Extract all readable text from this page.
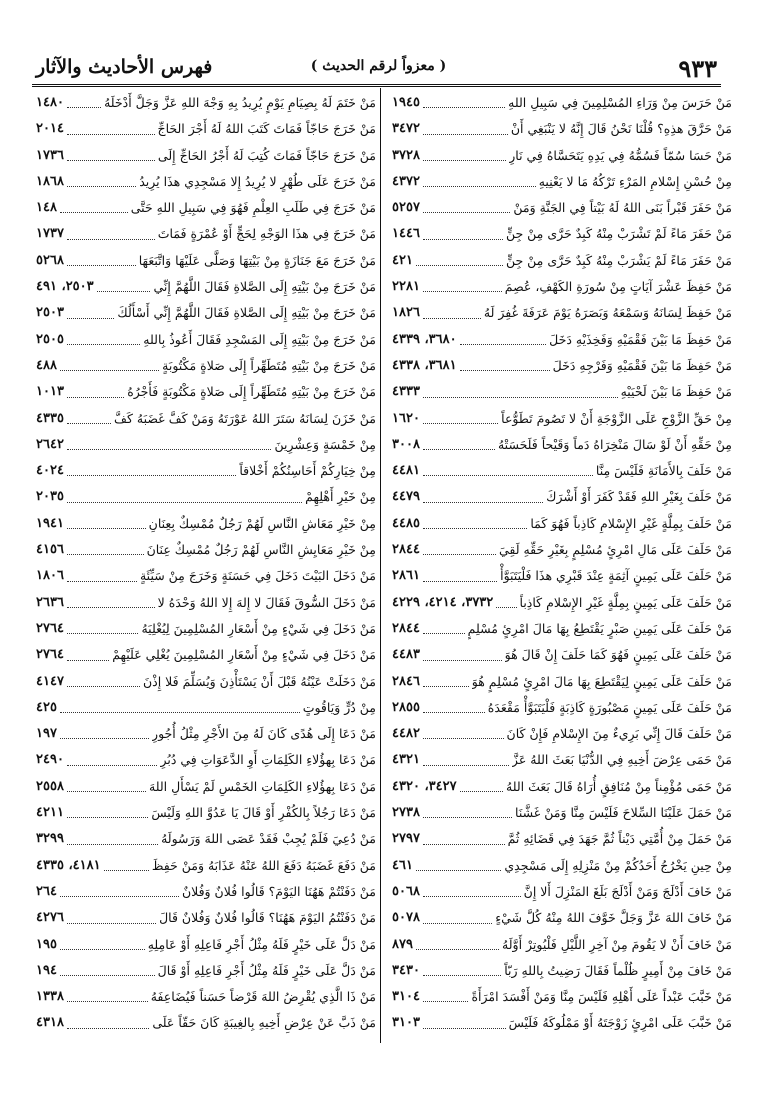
٩٣٣
( معزواً لرقم الحديث )
فهرس الأحاديث والآثار
مَنْ حَرَسَ مِنْ وَرَاءِ المُسْلِمِينَ فِي سَبِيلِ اللهِ
١٩٤٥
مَنْ حَرَّقَ هذِهِ؟ قُلْنَا نَحْنُ قَالَ إِنَّهُ لا يَنْبَغِي أَنْ
٣٤٧٢
مَنْ حَسَا سُمّاً فَسُمُّهُ فِي يَدِهِ يَتَحَسَّاهُ فِي نَارِ
٣٧٢٨
مِنْ حُسْنِ إِسْلامِ المَرْءِ تَرْكُهُ مَا لا يَعْنِيهِ
٤٣٧٢
مَنْ حَفَرَ قَبْراً بَنَى اللهُ لَهُ بَيْتاً فِي الجَنَّةِ وَمَنْ
٥٢٥٧
مَنْ حَفَرَ مَاءً لَمْ تَشْرَبْ مِنْهُ كَبِدٌ حَرَّى مِنْ جِنٍّ
١٤٤٦
مَنْ حَفَرَ مَاءً لَمْ يَشْرَبْ مِنْهُ كَبِدٌ حَرَّى مِنْ جِنٍّ
٤٢١
مَنْ حَفِظَ عَشْرَ آيَاتٍ مِنْ سُورَةِ الكَهْفِ، عُصِمَ
٢٢٨١
مَنْ حَفِظَ لِسَانَهُ وَسَمْعَهُ وَبَصَرَهُ يَوْمَ عَرَفَةَ غُفِرَ لَهُ
١٨٢٦
مَنْ حَفِظَ مَا بَيْنَ فَقْمَيْهِ وَفَخِذَيْهِ دَخَلَ
٣٦٨٠، ٤٣٣٩
مَنْ حَفِظَ مَا بَيْنَ فَقْمَيْهِ وَفَرْجِهِ دَخَلَ
٣٦٨١، ٤٣٣٨
مَنْ حَفِظَ مَا بَيْنَ لَحْيَيْهِ
٤٣٣٣
مِنْ حَقِّ الزَّوْجِ عَلَى الزَّوْجَةِ أَنْ لا تَصُومَ تَطَوُّعاً
١٦٢٠
مِنْ حَقِّهِ أَنْ لَوْ سَالَ مَنْخِرَاهُ دَماً وَقَيْحاً فَلَحَسَتْهُ
٣٠٠٨
مَنْ حَلَفَ بِالأَمَانَةِ فَلَيْسَ مِنَّا
٤٤٨١
مَنْ حَلَفَ بِغَيْرِ اللهِ فَقَدْ كَفَرَ أَوْ أَشْرَكَ
٤٤٧٩
مَنْ حَلَفَ بِمِلَّةٍ غَيْرِ الإِسْلامِ كَاذِباً فَهُوَ كَمَا
٤٤٨٥
مَنْ حَلَفَ عَلَى مَالِ امْرِئٍ مُسْلِمٍ بِغَيْرِ حَقِّهِ لَقِيَ
٢٨٤٤
مَنْ حَلَفَ عَلَى يَمِينٍ آثِمَةٍ عِنْدَ قَبْرِي هذَا فَلْيَتَبَوَّأْ
٢٨٦١
مَنْ حَلَفَ عَلَى يَمِينٍ بِمِلَّةٍ غَيْرِ الإِسْلامِ كَاذِباً
٣٧٣٢، ٤٢١٤، ٤٢٢٩
مَنْ حَلَفَ عَلَى يَمِينِ صَبْرٍ يَقْتَطِعُ بِهَا مَالَ امْرِئٍ مُسْلِمٍ
٢٨٤٤
مَنْ حَلَفَ عَلَى يَمِينٍ فَهُوَ كَمَا حَلَفَ إِنْ قَالَ هُوَ
٤٤٨٣
مَنْ حَلَفَ عَلَى يَمِينٍ لِيَقْتَطِعَ بِهَا مَالَ امْرِئٍ مُسْلِمٍ هُوَ
٢٨٤٦
مَنْ حَلَفَ عَلَى يَمِينٍ مَصْبُورَةٍ كَاذِبَةٍ فَلْيَتَبَوَّأْ مَقْعَدَهُ
٢٨٥٥
مَنْ حَلَفَ قَالَ إِنِّي بَرِيءٌ مِنَ الإِسْلامِ فَإِنْ كَانَ
٤٤٨٢
مَنْ حَمَى عِرْضَ أَخِيهِ فِي الدُّنْيَا بَعَثَ اللهُ عَزَّ
٤٣٢١
مَنْ حَمَى مُؤْمِناً مِنْ مُنَافِقٍ أُرَاهُ قَالَ بَعَثَ اللهُ
٣٤٢٧، ٤٣٢٠
مَنْ حَمَلَ عَلَيْنَا السِّلاحَ فَلَيْسَ مِنَّا وَمَنْ غَشَّنَا
٢٧٣٨
مَنْ حَمَلَ مِنْ أُمَّتِي دَيْناً ثُمَّ جَهَدَ فِي قَضَائِهِ ثُمَّ
٢٧٩٧
مِنْ حِينِ يَخْرُجُ أَحَدُكُمْ مِنْ مَنْزِلِهِ إِلَى مَسْجِدِي
٤٦١
مَنْ خَافَ أَدْلَجَ وَمَنْ أَدْلَجَ بَلَغَ المَنْزِلَ أَلا إِنَّ
٥٠٦٨
مَنْ خَافَ اللهَ عَزَّ وَجَلَّ خَوَّفَ اللهُ مِنْهُ كُلَّ شَيْءٍ
٥٠٧٨
مَنْ خَافَ أَنْ لا يَقُومَ مِنْ آخِرِ اللَّيْلِ فَلْيُوتِرْ أَوَّلَهُ
٨٧٩
مَنْ خَافَ مِنْ أَمِيرٍ ظُلْماً فَقَالَ رَضِيتُ بِاللهِ رَبّاً
٣٤٣٠
مَنْ خَبَّبَ عَبْداً عَلَى أَهْلِهِ فَلَيْسَ مِنَّا وَمَنْ أَفْسَدَ امْرَأَةً
٣١٠٤
مَنْ خَبَّبَ عَلَى امْرِئٍ زَوْجَتَهُ أَوْ مَمْلُوكَهُ فَلَيْسَ
٣١٠٣
مَنْ خَتَمَ لَهُ بِصِيَامِ يَوْمٍ يُرِيدُ بِهِ وَجْهَ اللهِ عَزَّ وَجَلَّ أَدْخَلَهُ
١٤٨٠
مَنْ خَرَجَ حَاجّاً فَمَاتَ كَتَبَ اللهُ لَهُ أَجْرَ الحَاجِّ
٢٠١٤
مَنْ خَرَجَ حَاجّاً فَمَاتَ كُتِبَ لَهُ أَجْرُ الحَاجِّ إِلَى
١٧٣٦
مَنْ خَرَجَ عَلَى طُهْرٍ لا يُرِيدُ إِلا مَسْجِدِي هذَا يُرِيدُ
١٨٦٨
مَنْ خَرَجَ فِي طَلَبِ العِلْمِ فَهُوَ فِي سَبِيلِ اللهِ حَتَّى
١٤٨
مَنْ خَرَجَ فِي هذَا الوَجْهِ لِحَجٍّ أَوْ عُمْرَةٍ فَمَاتَ
١٧٣٧
مَنْ خَرَجَ مَعَ جَنَازَةٍ مِنْ بَيْتِهَا وَصَلَّى عَلَيْهَا وَاتَّبَعَهَا
٥٢٦٨
مَنْ خَرَجَ مِنْ بَيْتِهِ إِلَى الصَّلاةِ فَقَالَ اللَّهُمَّ إِنِّي
٢٥٠٣، ٤٩١
مَنْ خَرَجَ مِنْ بَيْتِهِ إِلَى الصَّلاةِ فَقَالَ اللَّهُمَّ إِنِّي أَسْأَلُكَ
٢٥٠٣
مَنْ خَرَجَ مِنْ بَيْتِهِ إِلَى المَسْجِدِ فَقَالَ أَعُوذُ بِاللهِ
٢٥٠٥
مَنْ خَرَجَ مِنْ بَيْتِهِ مُتَطَهِّراً إِلَى صَلاةٍ مَكْتُوبَةٍ
٤٨٨
مَنْ خَرَجَ مِنْ بَيْتِهِ مُتَطَهِّراً إِلَى صَلاةٍ مَكْتُوبَةٍ فَأَجْرُهُ
١٠١٣
مَنْ خَزَنَ لِسَانَهُ سَتَرَ اللهُ عَوْرَتَهُ وَمَنْ كَفَّ غَضَبَهُ كَفَّ
٤٣٣٥
مِنْ خَمْسَةٍ وَعِشْرِينَ
٢٦٤٢
مِنْ خِيَارِكُمْ أَحَاسِنُكُمْ أَخْلاقاً
٤٠٢٤
مِنْ خَيْرِ أَهْلِهِمْ
٢٠٣٥
مِنْ خَيْرِ مَعَاشِ النَّاسِ لَهُمْ رَجُلٌ مُمْسِكٌ بِعِنَانِ
١٩٤١
مِنْ خَيْرِ مَعَايِشِ النَّاسِ لَهُمْ رَجُلٌ مُمْسِكٌ عِنَانَ
٤١٥٦
مَنْ دَخَلَ البَيْتَ دَخَلَ فِي حَسَنَةٍ وَخَرَجَ مِنْ سَيِّئَةٍ
١٨٠٦
مَنْ دَخَلَ السُّوقَ فَقَالَ لا إِلهَ إِلا اللهُ وَحْدَهُ لا
٢٦٣٦
مَنْ دَخَلَ فِي شَيْءٍ مِنْ أَسْعَارِ المُسْلِمِينَ لِيُغْلِيَهُ
٢٧٦٤
مَنْ دَخَلَ فِي شَيْءٍ مِنْ أَسْعَارِ المُسْلِمِينَ يُغْلِي عَلَيْهِمْ
٢٧٦٤
مَنْ دَخَلَتْ عَيْنُهُ قَبْلَ أَنْ يَسْتَأْذِنَ وَيُسَلِّمَ فَلا إِذْنَ
٤١٤٧
مِنْ دُرٍّ وَيَاقُوتٍ
٤٢٥
مَنْ دَعَا إِلَى هُدًى كَانَ لَهُ مِنَ الأَجْرِ مِثْلُ أُجُورِ
١٩٧
مَنْ دَعَا بِهؤُلاءِ الكَلِمَاتِ أَوِ الدَّعَوَاتِ فِي دُبُرِ
٢٤٩٠
مَنْ دَعَا بِهؤُلاءِ الكَلِمَاتِ الخَمْسِ لَمْ يَسْأَلِ اللهَ
٢٥٥٨
مَنْ دَعَا رَجُلاً بِالكُفْرِ أَوْ قَالَ يَا عَدُوَّ اللهِ وَلَيْسَ
٤٢١١
مَنْ دُعِيَ فَلَمْ يُجِبْ فَقَدْ عَصَى اللهَ وَرَسُولَهُ
٣٢٩٩
مَنْ دَفَعَ غَضَبَهُ دَفَعَ اللهُ عَنْهُ عَذَابَهُ وَمَنْ حَفِظَ
٤١٨١، ٤٣٣٥
مَنْ دَفَنْتُمْ هَهُنَا اليَوْمَ؟ قَالُوا فُلانٌ وَفُلانٌ
٢٦٤
مَنْ دَفَنْتُمُ اليَوْمَ هَهُنَا؟ قَالُوا فُلانٌ وَفُلانٌ قَالَ
٤٢٧٦
مَنْ دَلَّ عَلَى خَيْرٍ فَلَهُ مِثْلُ أَجْرِ فَاعِلِهِ أَوْ عَامِلِهِ
١٩٥
مَنْ دَلَّ عَلَى خَيْرٍ فَلَهُ مِثْلُ أَجْرِ فَاعِلِهِ أَوْ قَالَ
١٩٤
مَنْ ذَا الَّذِي يُقْرِضُ اللهَ قَرْضاً حَسَناً فَيُضَاعِفَهُ
١٣٣٨
مَنْ ذَبَّ عَنْ عِرْضِ أَخِيهِ بِالغِيبَةِ كَانَ حَقّاً عَلَى
٤٣١٨
